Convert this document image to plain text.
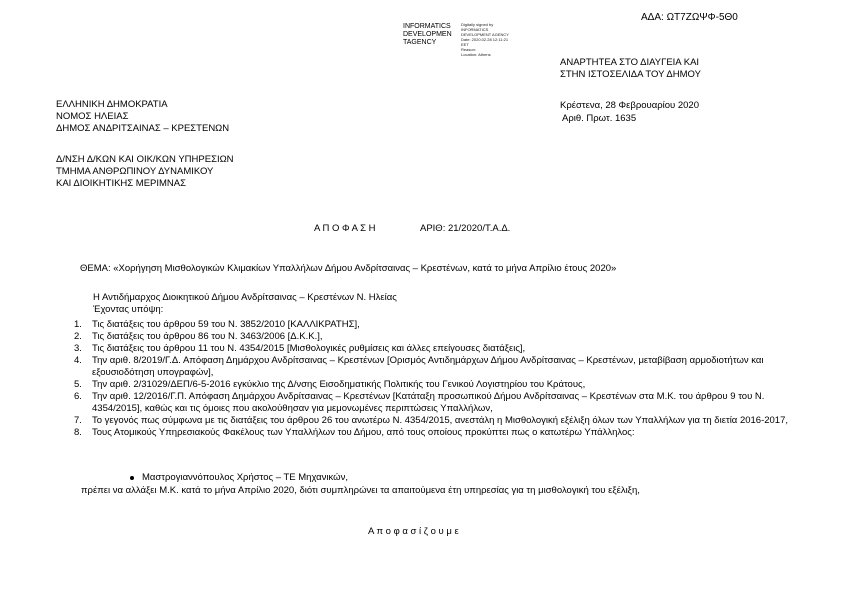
ΑΔΑ: ΩΤ7ΖΩΨΦ-5Θ0
INFORMATICS
DEVELOPMEN
TAGENCY
Digitally signed by
INFORMATICS
DEVELOPMENT AGENCY
Date: 2020.02.28 12:11:21
EET
Reason:
Location: Athens
ΑΝΑΡΤΗΤΕΑ ΣΤΟ ΔΙΑΥΓΕΙΑ ΚΑΙ
ΣΤΗΝ ΙΣΤΟΣΕΛΙΔΑ ΤΟΥ ΔΗΜΟΥ
ΕΛΛΗΝΙΚΗ ΔΗΜΟΚΡΑΤΙΑ
ΝΟΜΟΣ ΗΛΕΙΑΣ
ΔΗΜΟΣ ΑΝΔΡΙΤΣΑΙΝΑΣ – ΚΡΕΣΤΕΝΩΝ
Κρέστενα, 28 Φεβρουαρίου 2020
Αριθ. Πρωτ. 1635
Δ/ΝΣΗ Δ/ΚΩΝ ΚΑΙ ΟΙΚ/ΚΩΝ ΥΠΗΡΕΣΙΩΝ
ΤΜΗΜΑ ΑΝΘΡΩΠΙΝΟΥ ΔΥΝΑΜΙΚΟΥ
ΚΑΙ ΔΙΟΙΚΗΤΙΚΗΣ ΜΕΡΙΜΝΑΣ
Α Π Ο Φ Α Σ Η	ΑΡΙΘ: 21/2020/Τ.Α.Δ.
ΘΕΜΑ: «Χορήγηση Μισθολογικών Κλιμακίων Υπαλλήλων Δήμου Ανδρίτσαινας – Κρεστένων, κατά το μήνα Απρίλιο έτους 2020»
Η Αντιδήμαρχος Διοικητικού Δήμου Ανδρίτσαινας – Κρεστένων Ν. Ηλείας
Έχοντας υπόψη:
1.	Τις διατάξεις του άρθρου 59 του Ν. 3852/2010 [ΚΑΛΛΙΚΡΑΤΗΣ],
2.	Τις διατάξεις του άρθρου 86 του Ν. 3463/2006 [Δ.Κ.Κ.],
3.	Τις διατάξεις του άρθρου 11 του Ν. 4354/2015 [Μισθολογικές ρυθμίσεις και άλλες επείγουσες διατάξεις],
4.	Την αριθ. 8/2019/Γ.Δ. Απόφαση Δημάρχου Ανδρίτσαινας – Κρεστένων [Ορισμός Αντιδημάρχων Δήμου Ανδρίτσαινας – Κρεστένων, μεταβίβαση αρμοδιοτήτων και εξουσιοδότηση υπογραφών],
5.	Την αριθ. 2/31029/ΔΕΠ/6-5-2016 εγκύκλιο της Δ/νσης Εισοδηματικής Πολιτικής του Γενικού Λογιστηρίου του Κράτους,
6.	Την αριθ. 12/2016/Γ.Π. Απόφαση Δημάρχου Ανδρίτσαινας – Κρεστένων [Κατάταξη προσωπικού Δήμου Ανδρίτσαινας – Κρεστένων στα Μ.Κ. του άρθρου 9 του Ν. 4354/2015], καθώς και τις όμοιες που ακολούθησαν για μεμονωμένες περιπτώσεις Υπαλλήλων,
7.	Το γεγονός πως σύμφωνα με τις διατάξεις του άρθρου 26 του ανωτέρω Ν. 4354/2015, ανεστάλη η Μισθολογική εξέλιξη όλων των Υπαλλήλων για τη διετία 2016-2017,
8.	Τους Ατομικούς Υπηρεσιακούς Φακέλους των Υπαλλήλων του Δήμου, από τους οποίους προκύπτει πως ο κατωτέρω Υπάλληλος:
Μαστρογιαννόπουλος Χρήστος – ΤΕ Μηχανικών,
πρέπει να αλλάξει Μ.Κ. κατά το μήνα Απρίλιο 2020, διότι συμπληρώνει τα απαιτούμενα έτη υπηρεσίας για τη μισθολογική του εξέλιξη,
Α π ο φ α σ ί ζ ο υ μ ε
